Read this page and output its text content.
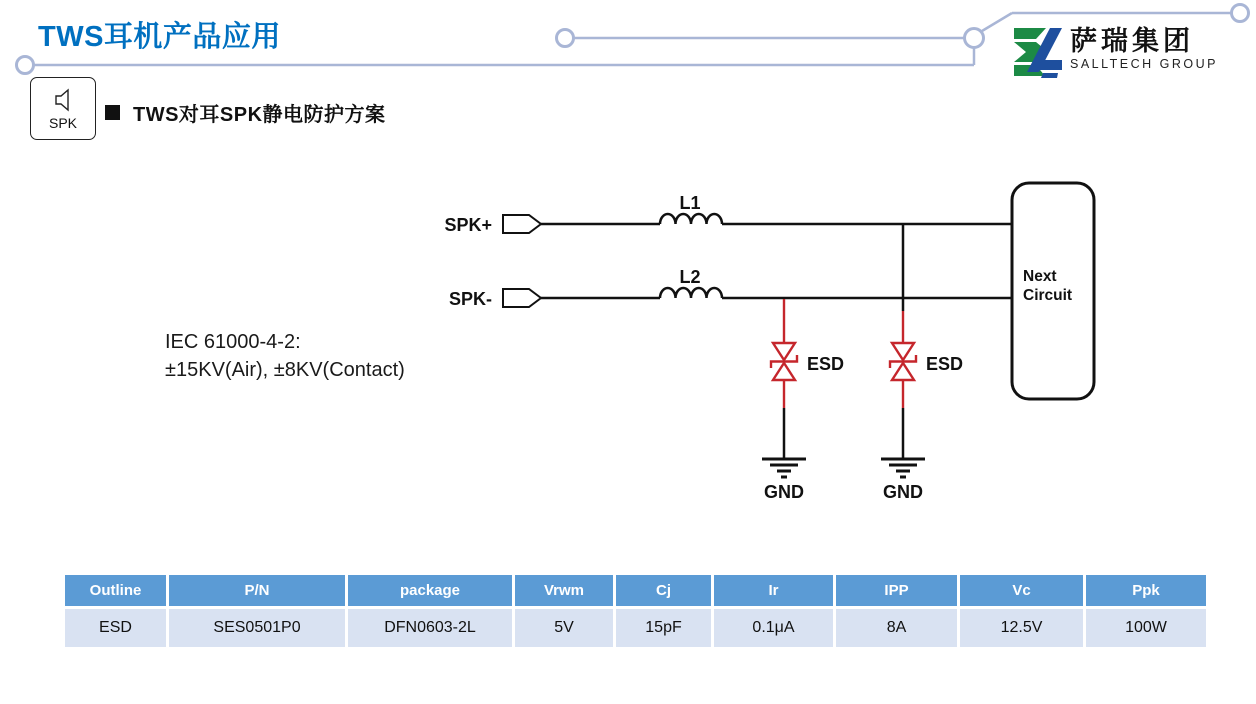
TWS耳机产品应用	萨瑞集团
SALLTECH GROUP
SPK	TWS对耳SPK静电防护方案
SPK+
L1
SPK-
L2
ESD
GND
ESD
GND
Next
Circuit
IEC 61000-4-2:
±15KV(Air), ±8KV(Contact)
Outline	P/N	package	Vrwm	Cj	Ir	IPP	Vc	Ppk
ESD	SES0501P0	DFN0603-2L	5V	15pF	0.1μA	8A	12.5V	100W
